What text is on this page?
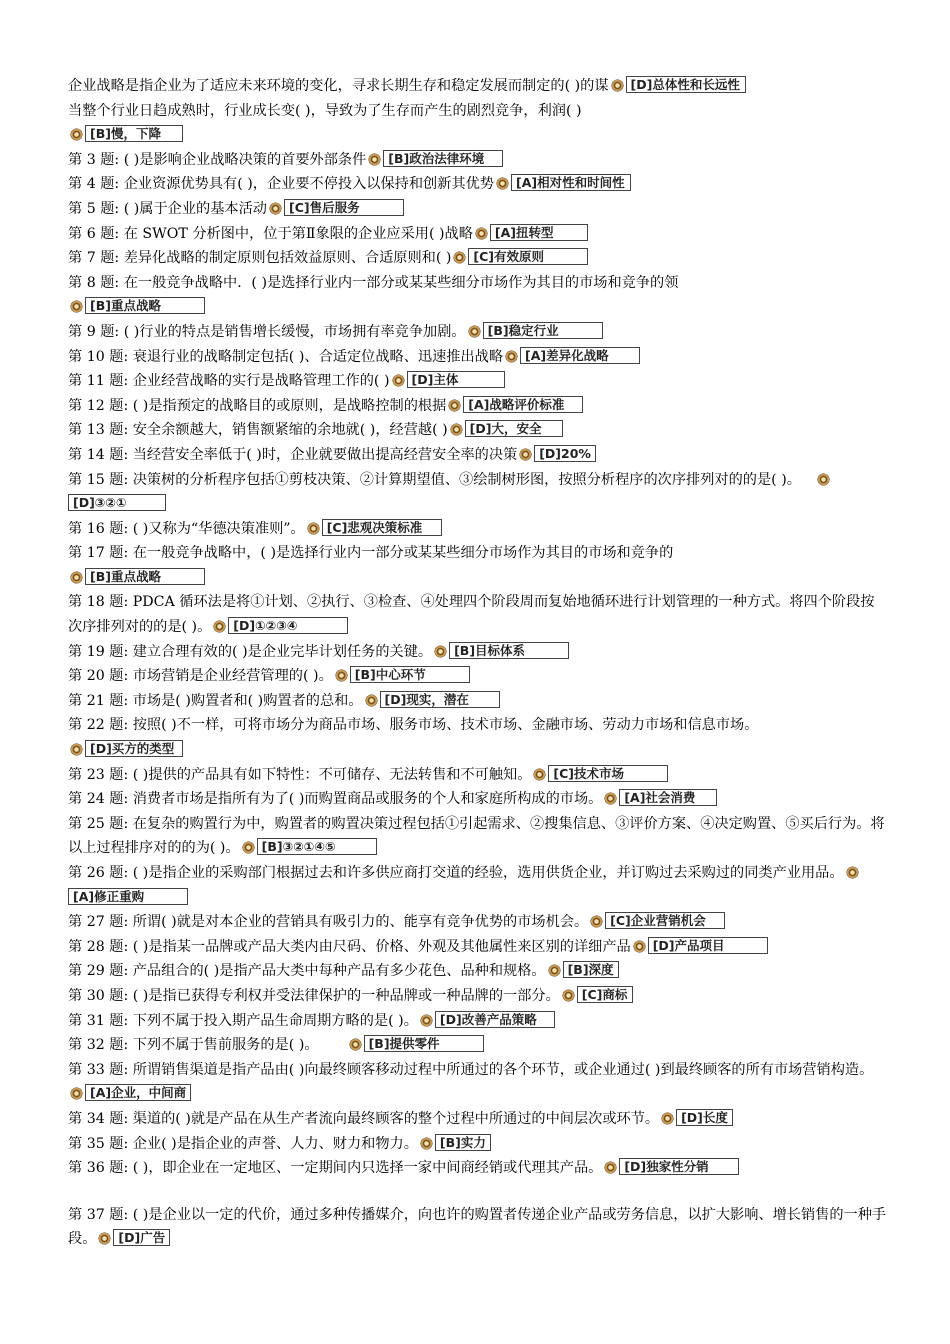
企业战略是指企业为了适应未来环境的变化，寻求长期生存和稳定发展而制定的( )的谋 [D]总体性和长远性

当整个行业日趋成熟时，行业成长变( )，导致为了生存而产生的剧烈竞争，利润( )
[B]慢，下降

第 3 题: ( )是影响企业战略决策的首要外部条件 [B]政治法律环境

第 4 题: 企业资源优势具有( )，企业要不停投入以保持和创新其优势 [A]相对性和时间性

第 5 题: ( )属于企业的基本活动 [C]售后服务

第 6 题: 在 SWOT 分析图中，位于第Ⅱ象限的企业应采用( )战略 [A]扭转型

第 7 题: 差异化战略的制定原则包括效益原则、合适原则和( ) [C]有效原则

第 8 题: 在一般竞争战略中．( )是选择行业内一部分或某某些细分市场作为其目的市场和竞争的领
[B]重点战略

第 9 题: ( )行业的特点是销售增长缓慢，市场拥有率竞争加剧。 [B]稳定行业

第 10 题: 衰退行业的战略制定包括( )、合适定位战略、迅速推出战略 [A]差异化战略

第 11 题: 企业经营战略的实行是战略管理工作的( ) [D]主体

第 12 题: ( )是指预定的战略目的或原则，是战略控制的根据 [A]战略评价标准

第 13 题: 安全余额越大，销售额紧缩的余地就( )，经营越( ) [D]大，安全

第 14 题: 当经营安全率低于( )时，企业就要做出提高经营安全率的决策 [D]20%

第 15 题: 决策树的分析程序包括①剪枝决策、②计算期望值、③绘制树形图，按照分析程序的次序排列对的的是( )。[D]③②①

第 16 题: ( )又称为“华德决策准则”。 [C]悲观决策标准

第 17 题: 在一般竞争战略中，( )是选择行业内一部分或某某些细分市场作为其目的市场和竞争的
[B]重点战略

第 18 题: PDCA 循环法是将①计划、②执行、③检查、④处理四个阶段周而复始地循环进行计划管理的一种方式。将四个阶段按次序排列对的的是( )。 [D]①②③④

第 19 题: 建立合理有效的( )是企业完毕计划任务的关键。 [B]目标体系

第 20 题: 市场营销是企业经营管理的( )。 [B]中心环节

第 21 题: 市场是( )购置者和( )购置者的总和。 [D]现实，潜在

第 22 题: 按照( )不一样，可将市场分为商品市场、服务市场、技术市场、金融市场、劳动力市场和信息市场。
[D]买方的类型

第 23 题: ( )提供的产品具有如下特性：不可储存、无法转售和不可触知。 [C]技术市场

第 24 题: 消费者市场是指所有为了( )而购置商品或服务的个人和家庭所构成的市场。 [A]社会消费

第 25 题: 在复杂的购置行为中，购置者的购置决策过程包括①引起需求、②搜集信息、③评价方案、④决定购置、⑤买后行为。将以上过程排序对的的为( )。 [B]③②①④⑤

第 26 题: ( )是指企业的采购部门根据过去和许多供应商打交道的经验，选用供货企业，并订购过去采购过的同类产业用品。[A]修正重购

第 27 题: 所谓( )就是对本企业的营销具有吸引力的、能享有竞争优势的市场机会。 [C]企业营销机会

第 28 题: ( )是指某一品牌或产品大类内由尺码、价格、外观及其他属性来区别的详细产品 [D]产品项目

第 29 题: 产品组合的( )是指产品大类中每种产品有多少花色、品种和规格。 [B]深度

第 30 题: ( )是指已获得专利权并受法律保护的一种品牌或一种品牌的一部分。 [C]商标

第 31 题: 下列不属于投入期产品生命周期方略的是( )。 [D]改善产品策略

第 32 题: 下列不属于售前服务的是( )。	[B]提供零件

第 33 题: 所谓销售渠道是指产品由( )向最终顾客移动过程中所通过的各个环节，或企业通过( )到最终顾客的所有市场营销构造。[A]企业，中间商

第 34 题: 渠道的( )就是产品在从生产者流向最终顾客的整个过程中所通过的中间层次或环节。 [D]长度

第 35 题: 企业( )是指企业的声誉、人力、财力和物力。 [B]实力

第 36 题: ( )，即企业在一定地区、一定期间内只选择一家中间商经销或代理其产品。 [D]独家性分销

第 37 题: ( )是企业以一定的代价，通过多种传播媒介，向也许的购置者传递企业产品或劳务信息，以扩大影响、增长销售的一种手段。 [D]广告
